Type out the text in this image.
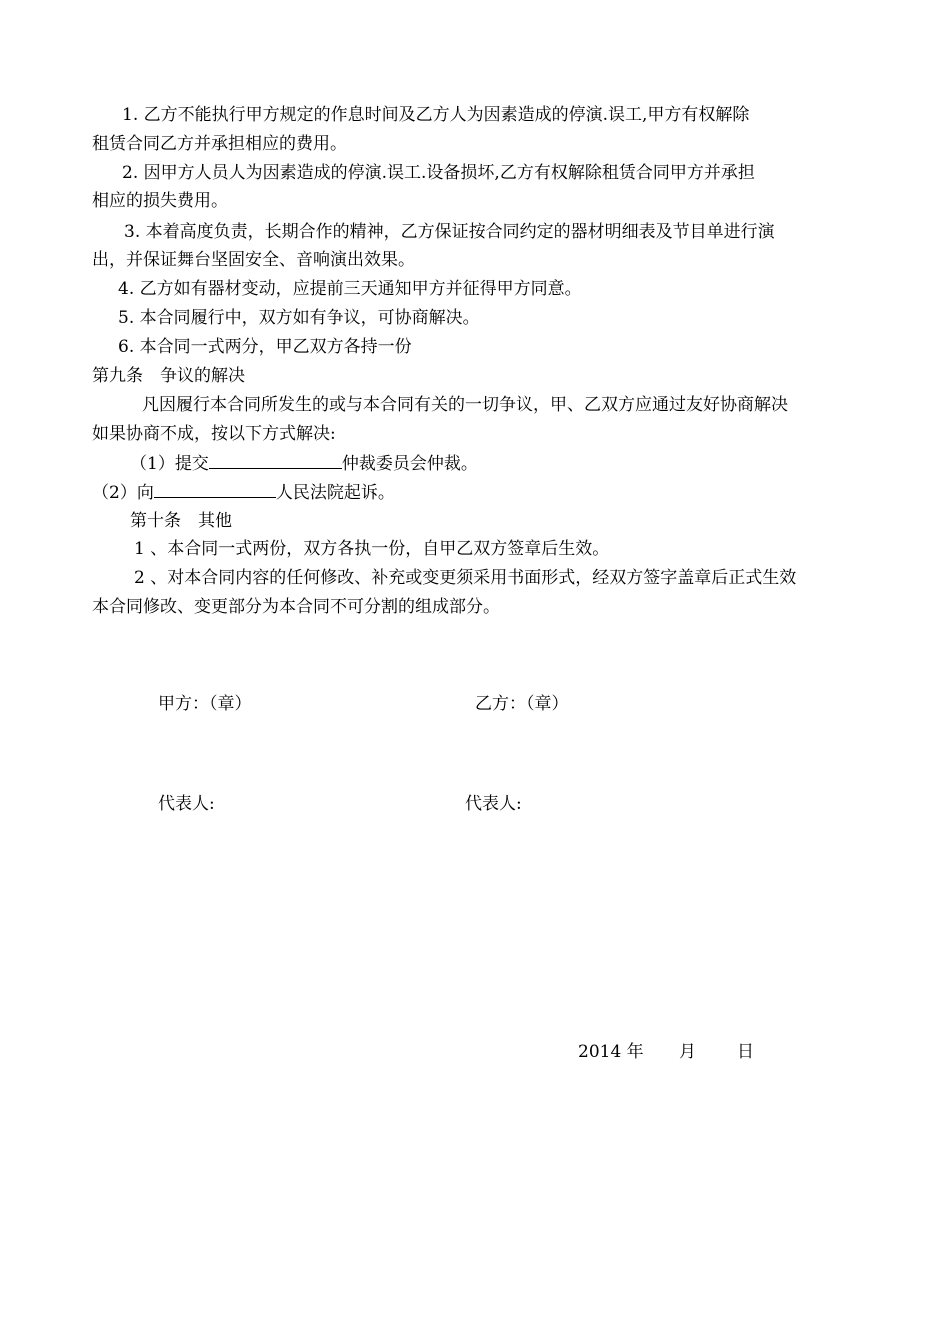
1. 乙方不能执行甲方规定的作息时间及乙方人为因素造成的停演.误工,甲方有权解除
租赁合同乙方并承担相应的费用。
2. 因甲方人员人为因素造成的停演.误工.设备损坏,乙方有权解除租赁合同甲方并承担
相应的损失费用。
3. 本着高度负责，长期合作的精神，乙方保证按合同约定的器材明细表及节目单进行演
出，并保证舞台坚固安全、音响演出效果。
4. 乙方如有器材变动，应提前三天通知甲方并征得甲方同意。
5. 本合同履行中，双方如有争议，可协商解决。
6. 本合同一式两分，甲乙双方各持一份
第九条　争议的解决
凡因履行本合同所发生的或与本合同有关的一切争议，甲、乙双方应通过友好协商解决
如果协商不成，按以下方式解决:
（1）提交	仲裁委员会仲裁。
（2）向	人民法院起诉。
第十条　其他
1 、本合同一式两份，双方各执一份，自甲乙双方签章后生效。
2 、对本合同内容的任何修改、补充或变更须采用书面形式，经双方签字盖章后正式生效
本合同修改、变更部分为本合同不可分割的组成部分。
甲方：（章）	乙方：（章）
代表人:	代表人:
2014 年 月 日
